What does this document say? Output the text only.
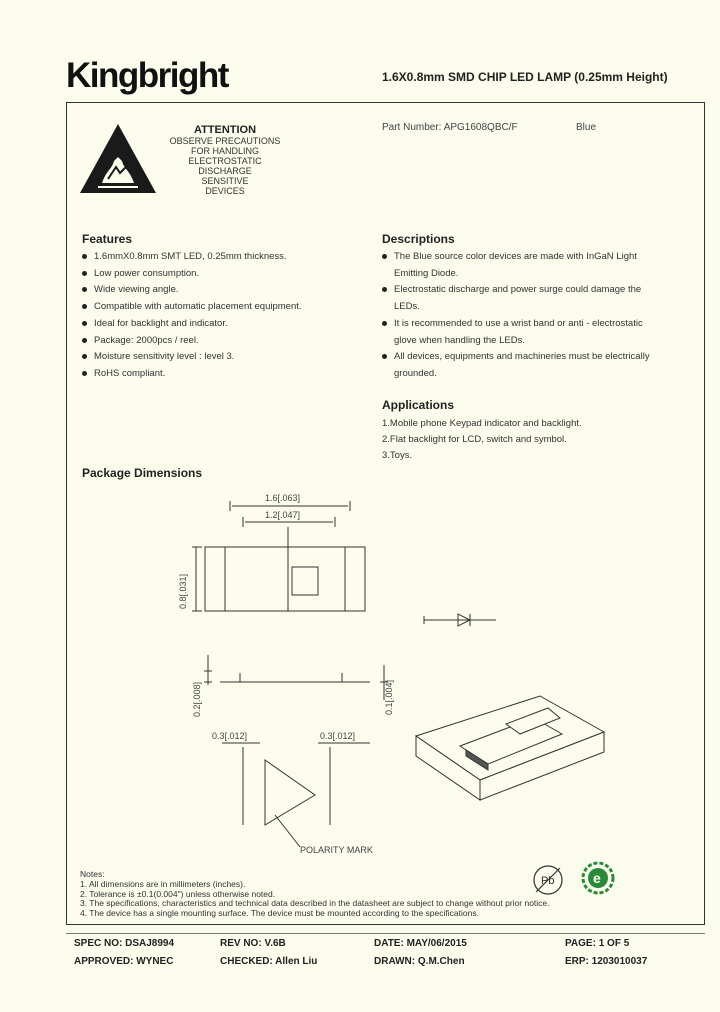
Kingbright	1.6X0.8mm SMD CHIP LED LAMP (0.25mm Height)
ATTENTION
OBSERVE PRECAUTIONS
FOR HANDLING
ELECTROSTATIC
DISCHARGE
SENSITIVE
DEVICES
Part Number: APG1608QBC/F	Blue
Features
1.6mmX0.8mm SMT LED, 0.25mm thickness.
Low power consumption.
Wide viewing angle.
Compatible with automatic placement equipment.
Ideal for backlight and indicator.
Package: 2000pcs / reel.
Moisture sensitivity level : level 3.
RoHS compliant.
Descriptions
The Blue source color devices are made with InGaN Light Emitting Diode.
Electrostatic discharge and power surge could damage the LEDs.
It is recommended to use a wrist band or anti - electrostatic glove when handling the LEDs.
All devices, equipments and machineries must be electrically grounded.
Applications
1.Mobile phone Keypad indicator and backlight.
2.Flat backlight for LCD, switch and symbol.
3.Toys.
Package Dimensions
1.6[.063]
1.2[.047]
0.8[.031]
0.2[.008]	0.1[.004]
0.3[.012]	0.3[.012]
POLARITY MARK
Notes:
1. All dimensions are in millimeters (inches).
2. Tolerance is ±0.1(0.004") unless otherwise noted.
3. The specifications, characteristics and technical data described in the datasheet are subject to change without prior notice.
4. The device has a single mounting surface. The device must be mounted according to the specifications.
Pb	e
SPEC NO: DSAJ8994	REV NO: V.6B	DATE: MAY/06/2015	PAGE: 1 OF 5
APPROVED: WYNEC	CHECKED: Allen Liu	DRAWN: Q.M.Chen	ERP: 1203010037
